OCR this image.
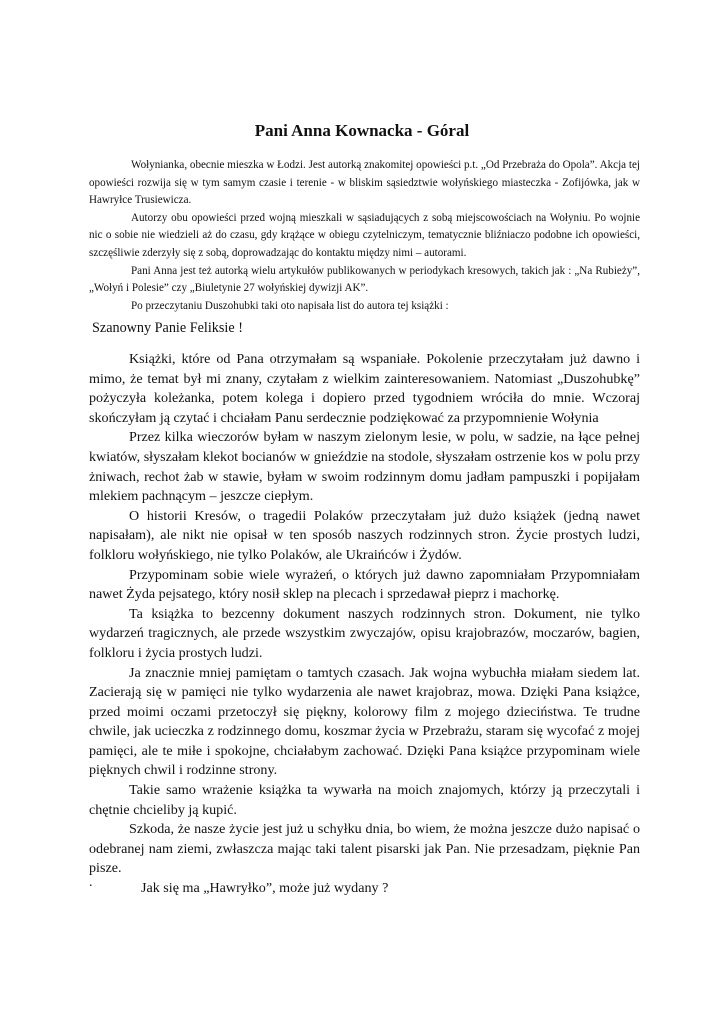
Pani Anna Kownacka - Góral

Wołynianka, obecnie mieszka w Łodzi. Jest autorką znakomitej opowieści p.t. „Od Przebraża do Opola”. Akcja tej opowieści rozwija się w tym samym czasie i terenie - w bliskim sąsiedztwie wołyńskiego miasteczka - Zofijówka, jak w Hawryłce Trusiewicza.

Autorzy obu opowieści przed wojną mieszkali w sąsiadujących z sobą miejscowościach na Wołyniu. Po wojnie nic o sobie nie wiedzieli aż do czasu, gdy krążące w obiegu czytelniczym, tematycznie bliźniaczo podobne ich opowieści, szczęśliwie zderzyły się z sobą, doprowadzając do kontaktu między nimi – autorami.

Pani Anna jest też autorką wielu artykułów publikowanych w periodykach kresowych, takich jak : „Na Rubieży”, „Wołyń i Polesie” czy „Biuletynie 27 wołyńskiej dywizji AK”.

Po przeczytaniu Duszohubki taki oto napisała list do autora tej książki :

Szanowny Panie Feliksie !

Książki, które od Pana otrzymałam są wspaniałe. Pokolenie przeczytałam już dawno i mimo, że temat był mi znany, czytałam z wielkim zainteresowaniem. Natomiast „Duszohubkę” pożyczyła koleżanka, potem kolega i dopiero przed tygodniem wróciła do mnie. Wczoraj skończyłam ją czytać i chciałam Panu serdecznie podziękować za przypomnienie Wołynia

Przez kilka wieczorów byłam w naszym zielonym lesie, w polu, w sadzie, na łące pełnej kwiatów, słyszałam klekot bocianów w gnieździe na stodole, słyszałam ostrzenie kos w polu przy żniwach, rechot żab w stawie, byłam w swoim rodzinnym domu jadłam pampuszki i popijałam mlekiem pachnącym – jeszcze ciepłym.

O historii Kresów, o tragedii Polaków przeczytałam już dużo książek (jedną nawet napisałam), ale nikt nie opisał w ten sposób naszych rodzinnych stron. Życie prostych ludzi, folkloru wołyńskiego, nie tylko Polaków, ale Ukraińców i Żydów.

Przypominam sobie wiele wyrażeń, o których już dawno zapomniałam Przypomniałam nawet Żyda pejsatego, który nosił sklep na plecach i sprzedawał pieprz i machorkę.

Ta książka to bezcenny dokument naszych rodzinnych stron. Dokument, nie tylko wydarzeń tragicznych, ale przede wszystkim zwyczajów, opisu krajobrazów, moczarów, bagien, folkloru i życia prostych ludzi.

Ja znacznie mniej pamiętam o tamtych czasach. Jak wojna wybuchła miałam siedem lat. Zacierają się w pamięci nie tylko wydarzenia ale nawet krajobraz, mowa. Dzięki Pana książce, przed moimi oczami przetoczył się piękny, kolorowy film z mojego dzieciństwa. Te trudne chwile, jak ucieczka z rodzinnego domu, koszmar życia w Przebrażu, staram się wycofać z mojej pamięci, ale te miłe i spokojne, chciałabym zachować. Dzięki Pana książce przypominam wiele pięknych chwil i rodzinne strony.

Takie samo wrażenie książka ta wywarła na moich znajomych, którzy ją przeczytali i chętnie chcieliby ją kupić.

Szkoda, że nasze życie jest już u schyłku dnia, bo wiem, że można jeszcze dużo napisać o odebranej nam ziemi, zwłaszcza mając taki talent pisarski jak Pan. Nie przesadzam, pięknie Pan pisze.

Jak się ma „Hawryłko”, może już wydany ?

.
